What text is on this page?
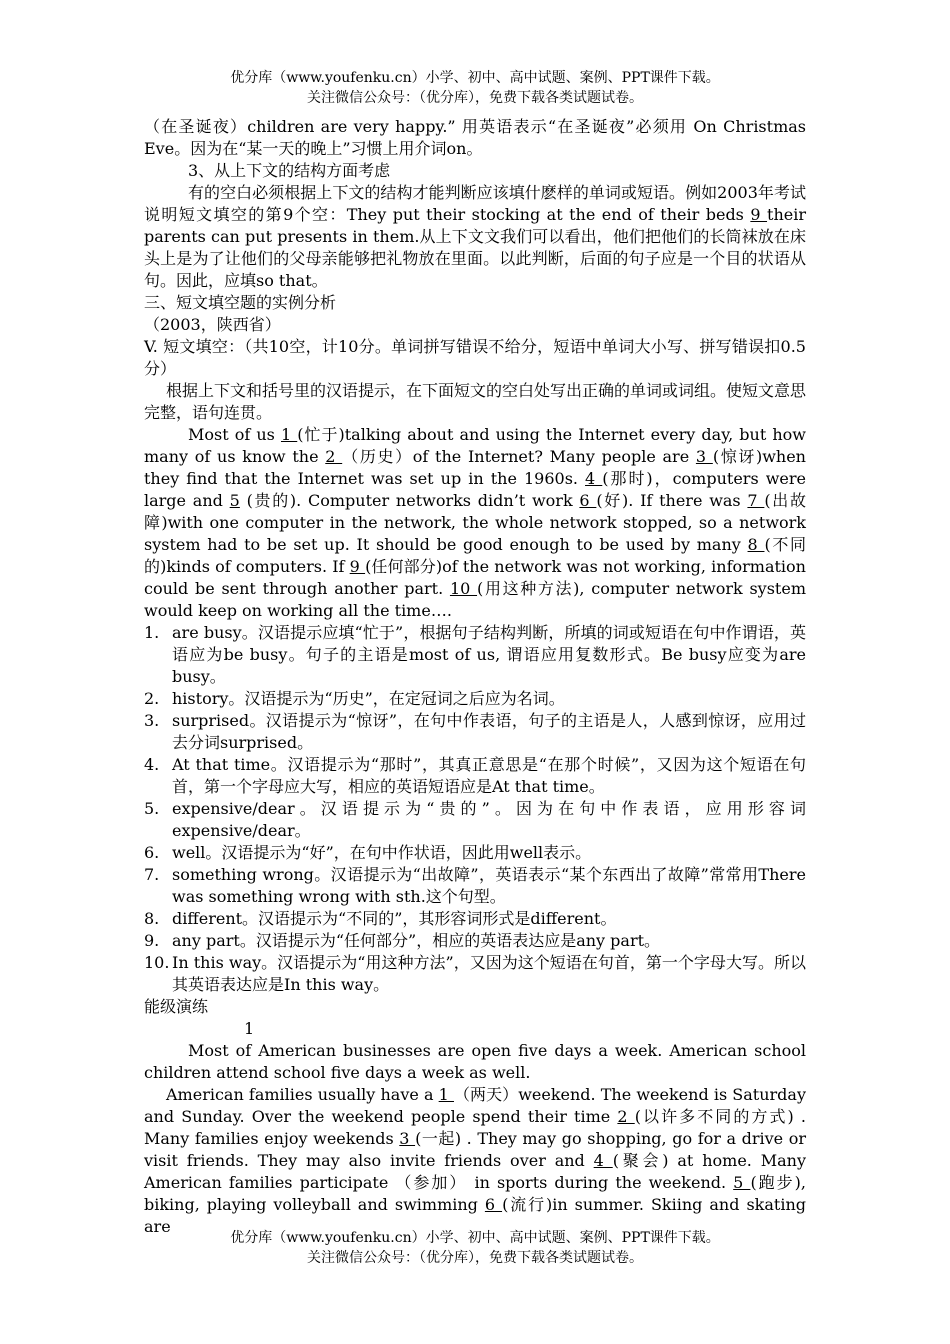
优分库（www.youfenku.cn）小学、初中、高中试题、案例、PPT课件下载。
关注微信公众号：（优分库），免费下载各类试题试卷。

（在圣诞夜）children are very happy.” 用英语表示“在圣诞夜”必须用 On Christmas Eve。因为在“某一天的晚上”习惯上用介词on。

3、从上下文的结构方面考虑

有的空白必须根据上下文的结构才能判断应该填什麽样的单词或短语。例如2003年考试说明短文填空的第9个空：They put their stocking at the end of their beds 9 their parents can put presents in them.从上下文文我们可以看出，他们把他们的长筒袜放在床头上是为了让他们的父母亲能够把礼物放在里面。以此判断，后面的句子应是一个目的状语从句。因此，应填so that。

三、短文填空题的实例分析

（2003，陕西省）

V. 短文填空：（共10空，计10分。单词拼写错误不给分，短语中单词大小写、拼写错误扣0.5分）

根据上下文和括号里的汉语提示，在下面短文的空白处写出正确的单词或词组。使短文意思完整，语句连贯。

Most of us 1 (忙于)talking about and using the Internet every day, but how many of us know the 2 （历史）of the Internet? Many people are 3 (惊讶)when they find that the Internet was set up in the 1960s. 4 (那时)，computers were large and 5 (贵的). Computer networks didn’t work 6 (好). If there was 7 (出故障)with one computer in the network, the whole network stopped, so a network system had to be set up. It should be good enough to be used by many 8 (不同的)kinds of computers. If 9 (任何部分)of the network was not working, information could be sent through another part. 10 (用这种方法), computer network system would keep on working all the time….

1. are busy。汉语提示应填“忙于”，根据句子结构判断，所填的词或短语在句中作谓语，英语应为be busy。句子的主语是most of us, 谓语应用复数形式。Be busy应变为are busy。
2. history。汉语提示为“历史”，在定冠词之后应为名词。
3. surprised。汉语提示为“惊讶”，在句中作表语，句子的主语是人，人感到惊讶，应用过去分词surprised。
4. At that time。汉语提示为“那时”，其真正意思是“在那个时候”，又因为这个短语在句首，第一个字母应大写，相应的英语短语应是At that time。
5. expensive/dear。汉语提示为“贵的”。因为在句中作表语，应用形容词expensive/dear。
6. well。汉语提示为“好”，在句中作状语，因此用well表示。
7. something wrong。汉语提示为“出故障”，英语表示“某个东西出了故障”常常用There was something wrong with sth.这个句型。
8. different。汉语提示为“不同的”，其形容词形式是different。
9. any part。汉语提示为“任何部分”，相应的英语表达应是any part。
10. In this way。汉语提示为“用这种方法”，又因为这个短语在句首，第一个字母大写。所以其英语表达应是In this way。

能级演练

1

Most of American businesses are open five days a week. American school children attend school five days a week as well.

American families usually have a 1 （两天）weekend. The weekend is Saturday and Sunday. Over the weekend people spend their time 2 (以许多不同的方式) . Many families enjoy weekends 3 (一起) . They may go shopping, go for a drive or visit friends. They may also invite friends over and 4 (聚会) at home. Many American families participate （参加） in sports during the weekend. 5 (跑步), biking, playing volleyball and swimming 6 (流行)in summer. Skiing and skating are

优分库（www.youfenku.cn）小学、初中、高中试题、案例、PPT课件下载。
关注微信公众号：（优分库），免费下载各类试题试卷。
